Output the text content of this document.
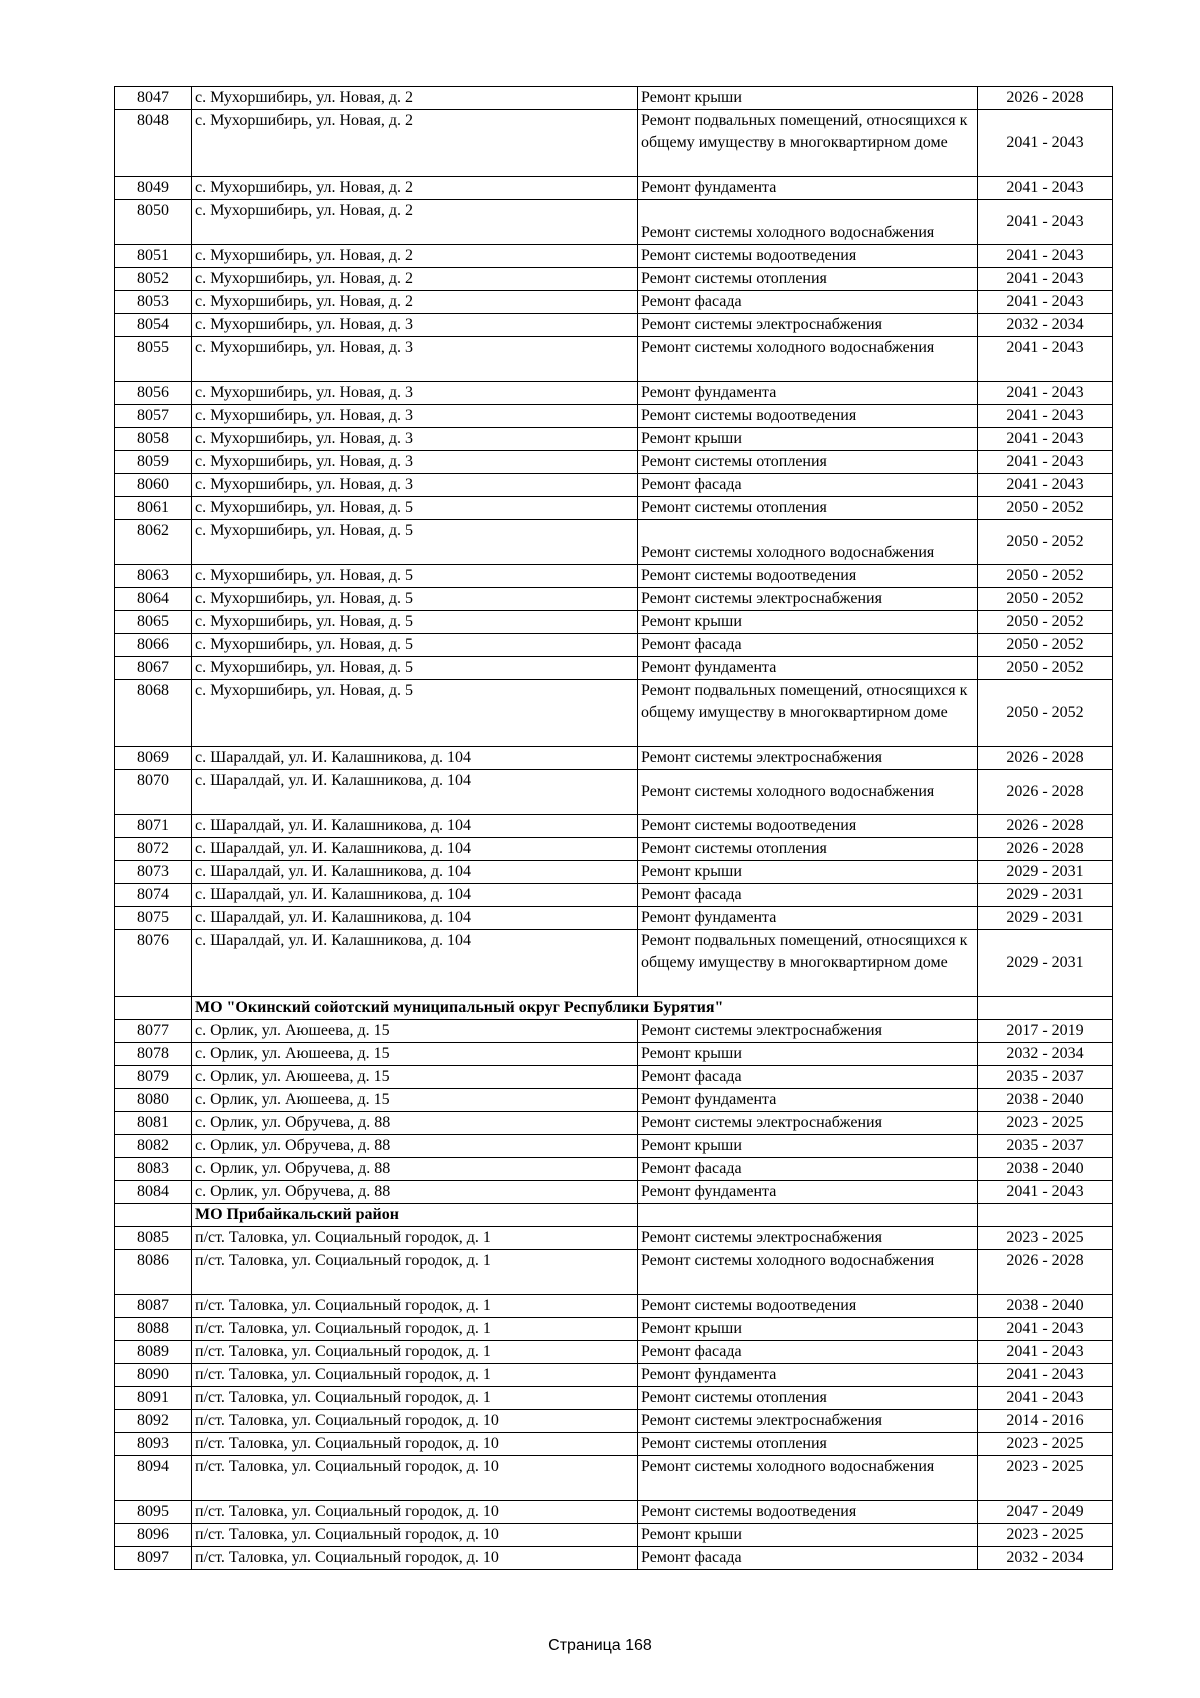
8047	с. Мухоршибирь, ул. Новая, д. 2	Ремонт крыши	2026 - 2028
8048	с. Мухоршибирь, ул. Новая, д. 2	Ремонт подвальных помещений, относящихся к общему имуществу в многоквартирном доме	2041 - 2043
8049	с. Мухоршибирь, ул. Новая, д. 2	Ремонт фундамента	2041 - 2043
8050	с. Мухоршибирь, ул. Новая, д. 2	Ремонт системы холодного водоснабжения	2041 - 2043
8051	с. Мухоршибирь, ул. Новая, д. 2	Ремонт системы водоотведения	2041 - 2043
8052	с. Мухоршибирь, ул. Новая, д. 2	Ремонт системы отопления	2041 - 2043
8053	с. Мухоршибирь, ул. Новая, д. 2	Ремонт фасада	2041 - 2043
8054	с. Мухоршибирь, ул. Новая, д. 3	Ремонт системы электроснабжения	2032 - 2034
8055	с. Мухоршибирь, ул. Новая, д. 3	Ремонт системы холодного водоснабжения	2041 - 2043
8056	с. Мухоршибирь, ул. Новая, д. 3	Ремонт фундамента	2041 - 2043
8057	с. Мухоршибирь, ул. Новая, д. 3	Ремонт системы водоотведения	2041 - 2043
8058	с. Мухоршибирь, ул. Новая, д. 3	Ремонт крыши	2041 - 2043
8059	с. Мухоршибирь, ул. Новая, д. 3	Ремонт системы отопления	2041 - 2043
8060	с. Мухоршибирь, ул. Новая, д. 3	Ремонт фасада	2041 - 2043
8061	с. Мухоршибирь, ул. Новая, д. 5	Ремонт системы отопления	2050 - 2052
8062	с. Мухоршибирь, ул. Новая, д. 5	Ремонт системы холодного водоснабжения	2050 - 2052
8063	с. Мухоршибирь, ул. Новая, д. 5	Ремонт системы водоотведения	2050 - 2052
8064	с. Мухоршибирь, ул. Новая, д. 5	Ремонт системы электроснабжения	2050 - 2052
8065	с. Мухоршибирь, ул. Новая, д. 5	Ремонт крыши	2050 - 2052
8066	с. Мухоршибирь, ул. Новая, д. 5	Ремонт фасада	2050 - 2052
8067	с. Мухоршибирь, ул. Новая, д. 5	Ремонт фундамента	2050 - 2052
8068	с. Мухоршибирь, ул. Новая, д. 5	Ремонт подвальных помещений, относящихся к общему имуществу в многоквартирном доме	2050 - 2052
8069	с. Шаралдай, ул. И. Калашникова, д. 104	Ремонт системы электроснабжения	2026 - 2028
8070	с. Шаралдай, ул. И. Калашникова, д. 104	Ремонт системы холодного водоснабжения	2026 - 2028
8071	с. Шаралдай, ул. И. Калашникова, д. 104	Ремонт системы водоотведения	2026 - 2028
8072	с. Шаралдай, ул. И. Калашникова, д. 104	Ремонт системы отопления	2026 - 2028
8073	с. Шаралдай, ул. И. Калашникова, д. 104	Ремонт крыши	2029 - 2031
8074	с. Шаралдай, ул. И. Калашникова, д. 104	Ремонт фасада	2029 - 2031
8075	с. Шаралдай, ул. И. Калашникова, д. 104	Ремонт фундамента	2029 - 2031
8076	с. Шаралдай, ул. И. Калашникова, д. 104	Ремонт подвальных помещений, относящихся к общему имуществу в многоквартирном доме	2029 - 2031
	МО "Окинский сойотский муниципальный округ Республики Бурятия"		
8077	с. Орлик, ул. Аюшеева, д. 15	Ремонт системы электроснабжения	2017 - 2019
8078	с. Орлик, ул. Аюшеева, д. 15	Ремонт крыши	2032 - 2034
8079	с. Орлик, ул. Аюшеева, д. 15	Ремонт фасада	2035 - 2037
8080	с. Орлик, ул. Аюшеева, д. 15	Ремонт фундамента	2038 - 2040
8081	с. Орлик, ул. Обручева, д. 88	Ремонт системы электроснабжения	2023 - 2025
8082	с. Орлик, ул. Обручева, д. 88	Ремонт крыши	2035 - 2037
8083	с. Орлик, ул. Обручева, д. 88	Ремонт фасада	2038 - 2040
8084	с. Орлик, ул. Обручева, д. 88	Ремонт фундамента	2041 - 2043
	МО Прибайкальский район		
8085	п/ст. Таловка, ул. Социальный городок, д. 1	Ремонт системы электроснабжения	2023 - 2025
8086	п/ст. Таловка, ул. Социальный городок, д. 1	Ремонт системы холодного водоснабжения	2026 - 2028
8087	п/ст. Таловка, ул. Социальный городок, д. 1	Ремонт системы водоотведения	2038 - 2040
8088	п/ст. Таловка, ул. Социальный городок, д. 1	Ремонт крыши	2041 - 2043
8089	п/ст. Таловка, ул. Социальный городок, д. 1	Ремонт фасада	2041 - 2043
8090	п/ст. Таловка, ул. Социальный городок, д. 1	Ремонт фундамента	2041 - 2043
8091	п/ст. Таловка, ул. Социальный городок, д. 1	Ремонт системы отопления	2041 - 2043
8092	п/ст. Таловка, ул. Социальный городок, д. 10	Ремонт системы электроснабжения	2014 - 2016
8093	п/ст. Таловка, ул. Социальный городок, д. 10	Ремонт системы отопления	2023 - 2025
8094	п/ст. Таловка, ул. Социальный городок, д. 10	Ремонт системы холодного водоснабжения	2023 - 2025
8095	п/ст. Таловка, ул. Социальный городок, д. 10	Ремонт системы водоотведения	2047 - 2049
8096	п/ст. Таловка, ул. Социальный городок, д. 10	Ремонт крыши	2023 - 2025
8097	п/ст. Таловка, ул. Социальный городок, д. 10	Ремонт фасада	2032 - 2034
Страница 168
